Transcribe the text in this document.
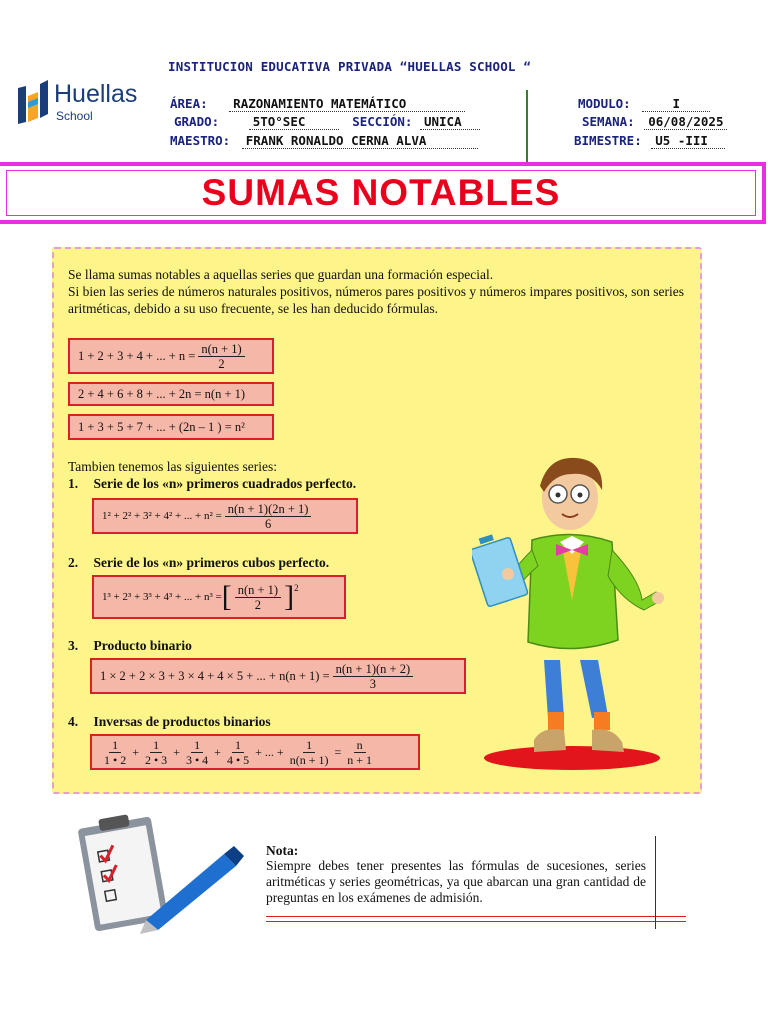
INSTITUCION EDUCATIVA PRIVADA “HUELLAS SCHOOL “
Huellas
School
ÁREA: RAZONAMIENTO MATEMÁTICO
GRADO:	5TO°SEC	SECCIÓN: UNICA
MAESTRO: FRANK RONALDO CERNA ALVA
MODULO:	I
SEMANA: 06/08/2025
BIMESTRE: U5 -III
SUMAS NOTABLES
Se llama sumas notables a aquellas series que guardan una formación especial.
Si bien las series de números naturales positivos, números pares positivos y números impares positivos, son series aritméticas, debido a su uso frecuente, se les han deducido fórmulas.
1 + 2 + 3 + 4 + ... + $n = \frac{n(n + 1)}{2}$
2 + 4 + 6 + 8 + ... + 2n = n(n + 1)
1 + 3 + 5 + 7 + ... + (2n – 1 ) = n²
Tambien tenemos las siguientes series:
1. Serie de los «n» primeros cuadrados perfecto.
1² + 2² + 3² + 4² + ... + $n^2 = \frac{n(n + 1)(2n + 1)}{6}$
2. Serie de los «n» primeros cubos perfecto.
1³ + 2³ + 3³ + 4³ + ... + n³ = [ $\frac{n(n + 1)}{2} ]^2$
3. Producto binario
1 × 2 + 2 × 3 + 3 × 4 + 4 × 5 + ... + $n(n + 1) = \frac{n(n + 1)(n + 2)}{3}$
4. Inversas de productos binarios
$\frac{1}{1 • 2} + \frac{1}{2 • 3} + \frac{1}{3 • 4} + \frac{1}{4 • 5}$ + ... + $\frac{1}{n(n + 1)} = \frac{n}{n + 1}$
Nota:
Siempre debes tener presentes las fórmulas de sucesiones, series aritméticas y series geométricas, ya que abarcan una gran cantidad de preguntas en los exámenes de admisión.
